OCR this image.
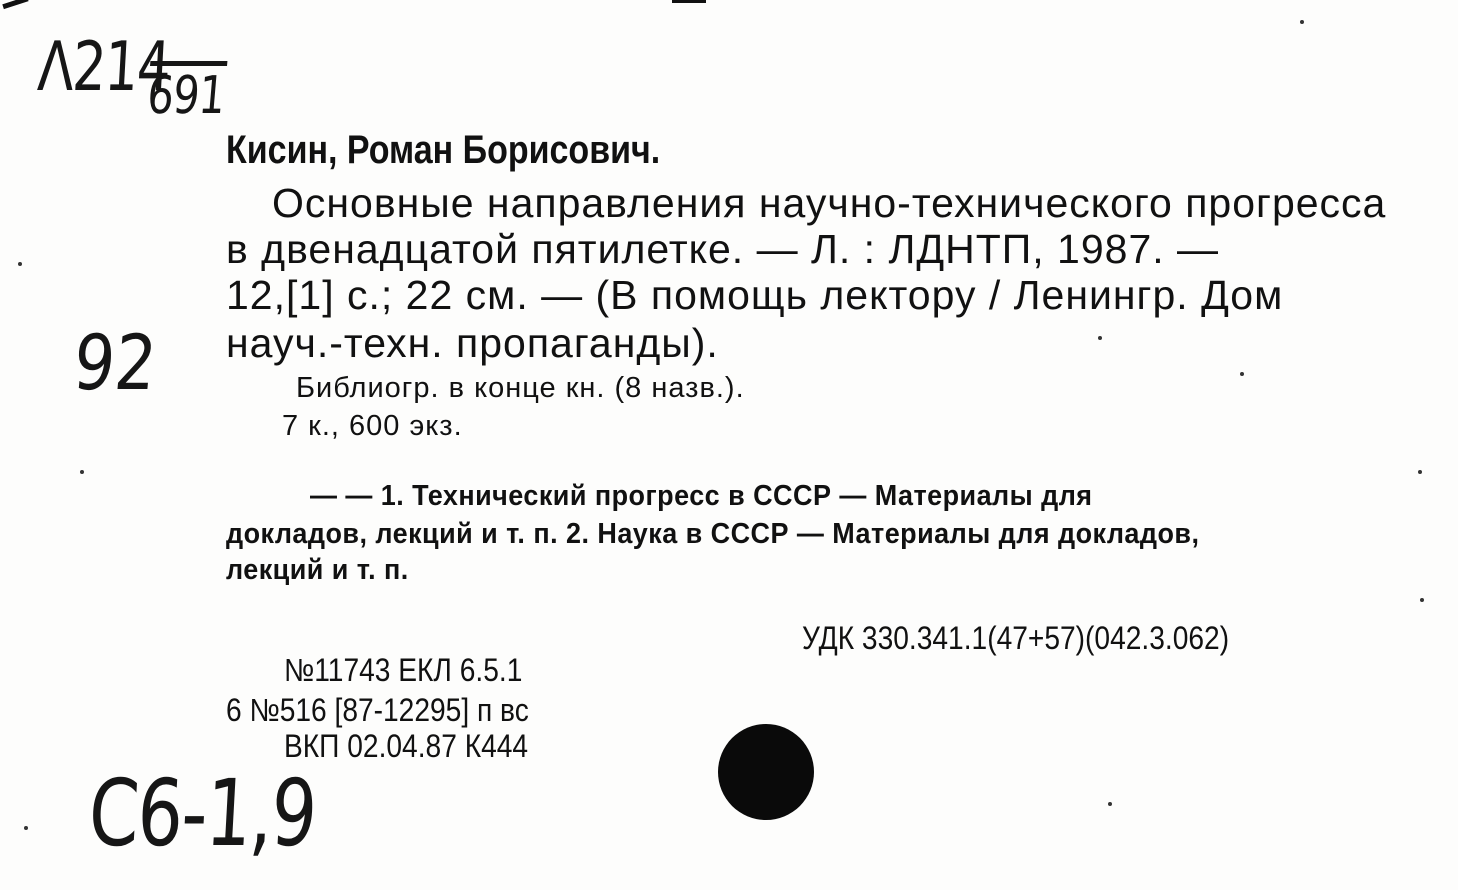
Λ214
691
Кисин, Роман Борисович.
Основные направления научно-технического прогресса
в двенадцатой пятилетке. — Л. : ЛДНТП, 1987. —
12,[1] с.; 22 см. — (В помощь лектору / Ленингр. Дом
науч.-техн. пропаганды).
92	Библиогр. в конце кн. (8 назв.).
7 к., 600 экз.
— — 1. Технический прогресс в СССР — Материалы для
докладов, лекций и т. п. 2. Наука в СССР — Материалы для докладов,
лекций и т. п.
УДК 330.341.1(47+57)(042.3.062)
№11743 ЕКЛ 6.5.1
6 №516 [87-12295] п вс
ВКП 02.04.87 К444
C6-1,9
